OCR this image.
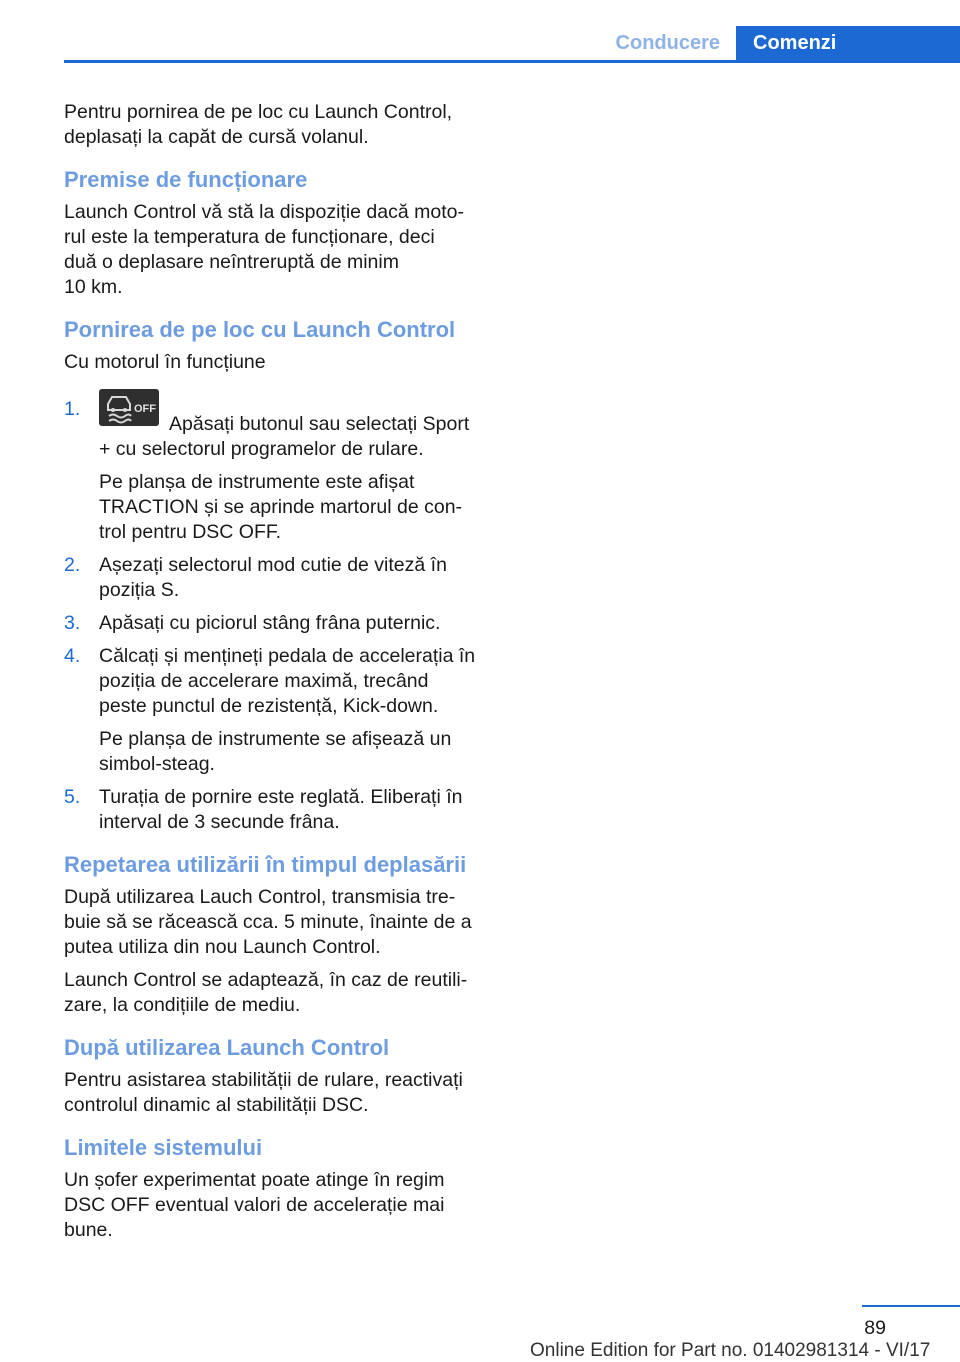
Conducere Comenzi

Pentru pornirea de pe loc cu Launch Control,
deplasați la capăt de cursă volanul.

Premise de funcționare

Launch Control vă stă la dispoziție dacă moto-
rul este la temperatura de funcționare, deci
duă o deplasare neîntreruptă de minim
10 km.

Pornirea de pe loc cu Launch Control

Cu motorul în funcțiune

1.	OFF
Apăsați butonul sau selectați Sport
+ cu selectorul programelor de rulare.

Pe planșa de instrumente este afișat
TRACTION și se aprinde martorul de con-
trol pentru DSC OFF.

2. Așezați selectorul mod cutie de viteză în
poziția S.

3. Apăsați cu piciorul stâng frâna puternic.

4. Călcați și mențineți pedala de accelerația în
poziția de accelerare maximă, trecând
peste punctul de rezistență, Kick-down.

Pe planșa de instrumente se afișează un
simbol-steag.

5. Turația de pornire este reglată. Eliberați în
interval de 3 secunde frâna.

Repetarea utilizării în timpul deplasării

După utilizarea Lauch Control, transmisia tre-
buie să se răcească cca. 5 minute, înainte de a
putea utiliza din nou Launch Control.

Launch Control se adaptează, în caz de reutili-
zare, la condițiile de mediu.

După utilizarea Launch Control

Pentru asistarea stabilității de rulare, reactivați
controlul dinamic al stabilității DSC.

Limitele sistemului

Un șofer experimentat poate atinge în regim
DSC OFF eventual valori de accelerație mai
bune.

89
Online Edition for Part no. 01402981314 - VI/17
